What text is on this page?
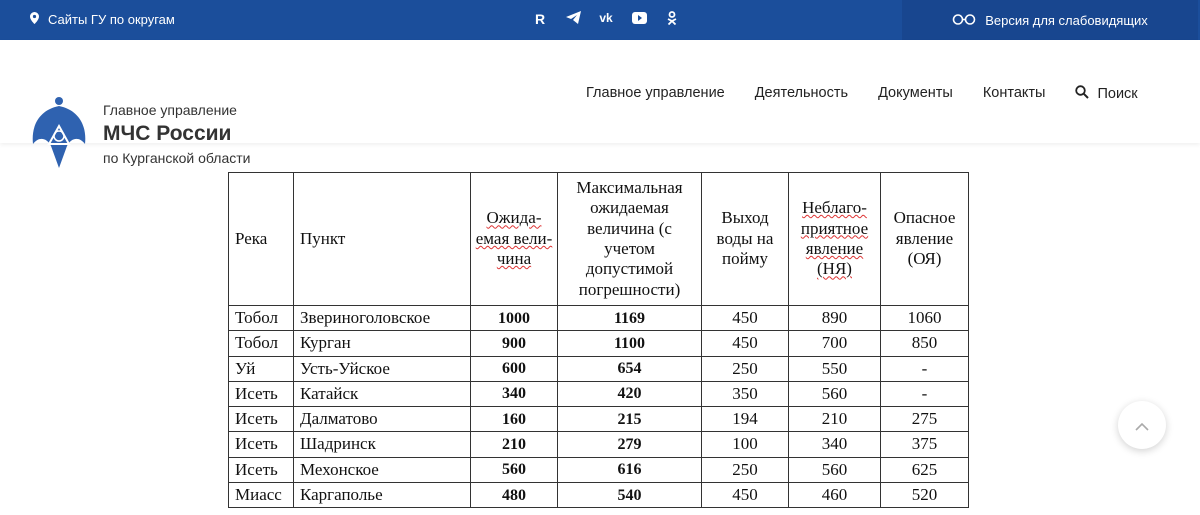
Сайты ГУ по округам	R	vk	Версия для слабовидящих
Главное управление
МЧС России
по Курганской области
Главное управление Деятельность Документы Контакты	Поиск
Река	Пункт	Ожида-емая вели-чина	Максимальная ожидаемая величина (с учетом допустимой погрешности)	Выход воды на пойму	Неблаго-приятное явление (НЯ)	Опасное явление (ОЯ)
Тобол	Звериноголовское	1000	1169	450	890	1060
Тобол	Курган	900	1100	450	700	850
Уй	Усть-Уйское	600	654	250	550	-
Исеть	Катайск	340	420	350	560	-
Исеть	Далматово	160	215	194	210	275
Исеть	Шадринск	210	279	100	340	375
Исеть	Мехонское	560	616	250	560	625
Миасс	Каргаполье	480	540	450	460	520
